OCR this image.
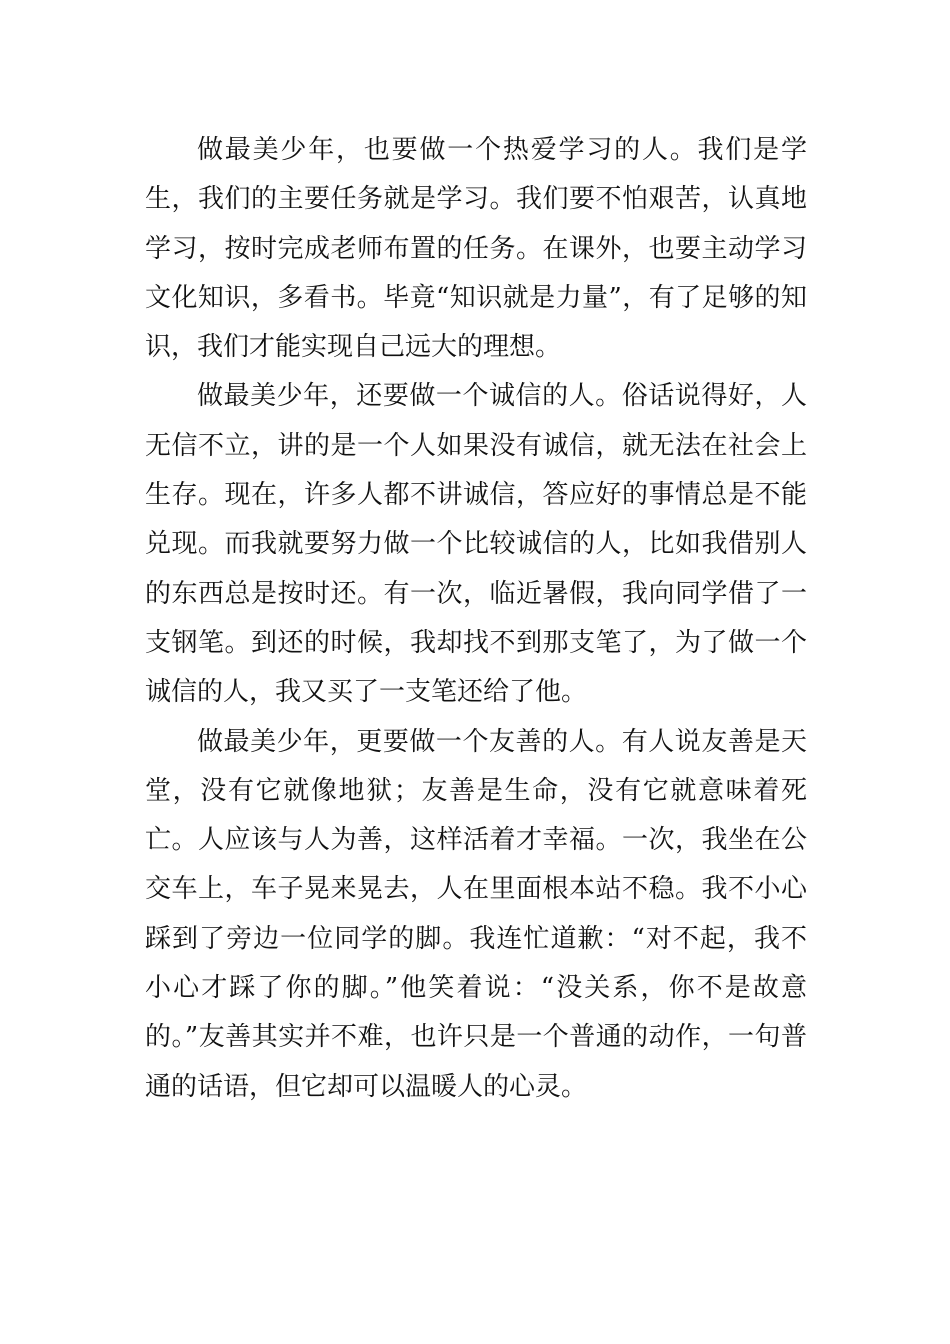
做最美少年，也要做一个热爱学习的人。我们是学生，我们的主要任务就是学习。我们要不怕艰苦，认真地学习，按时完成老师布置的任务。在课外，也要主动学习文化知识，多看书。毕竟“知识就是力量”，有了足够的知识，我们才能实现自己远大的理想。

做最美少年，还要做一个诚信的人。俗话说得好，人无信不立，讲的是一个人如果没有诚信，就无法在社会上生存。现在，许多人都不讲诚信，答应好的事情总是不能兑现。而我就要努力做一个比较诚信的人，比如我借别人的东西总是按时还。有一次，临近暑假，我向同学借了一支钢笔。到还的时候，我却找不到那支笔了，为了做一个诚信的人，我又买了一支笔还给了他。

做最美少年，更要做一个友善的人。有人说友善是天堂，没有它就像地狱；友善是生命，没有它就意味着死亡。人应该与人为善，这样活着才幸福。一次，我坐在公交车上，车子晃来晃去，人在里面根本站不稳。我不小心踩到了旁边一位同学的脚。我连忙道歉：“对不起，我不小心才踩了你的脚。”他笑着说：“没关系，你不是故意的。”友善其实并不难，也许只是一个普通的动作，一句普通的话语，但它却可以温暖人的心灵。
